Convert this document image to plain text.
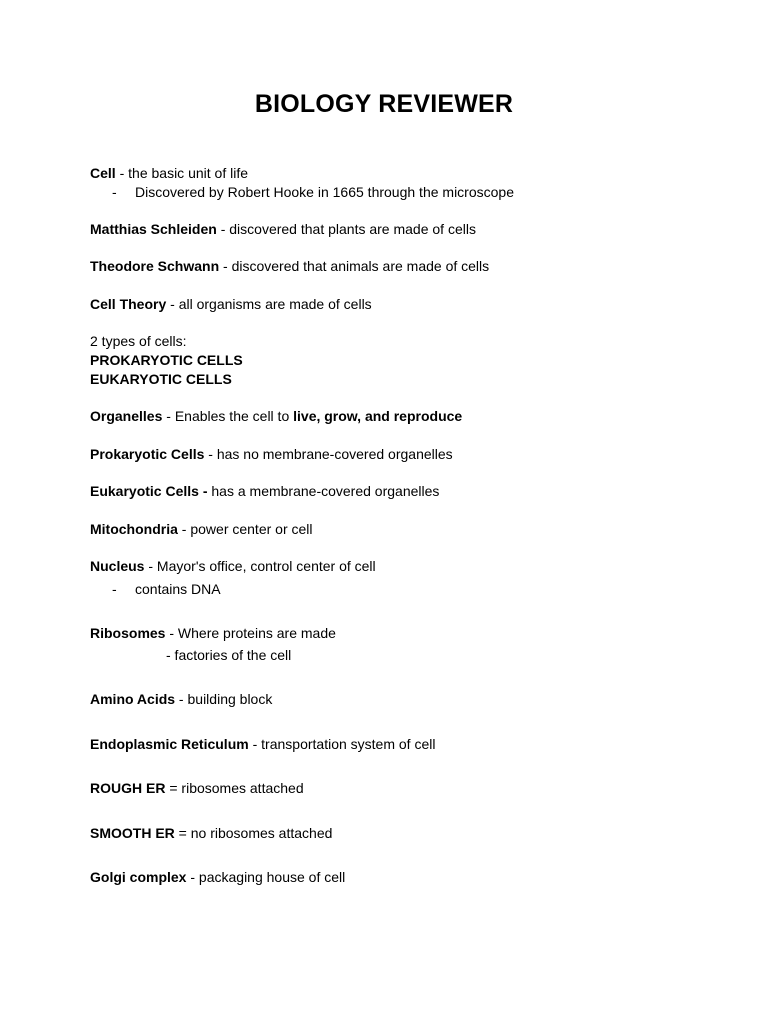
BIOLOGY REVIEWER
Cell - the basic unit of life
- Discovered by Robert Hooke in 1665 through the microscope
Matthias Schleiden - discovered that plants are made of cells
Theodore Schwann - discovered that animals are made of cells
Cell Theory - all organisms are made of cells
2 types of cells:
PROKARYOTIC CELLS
EUKARYOTIC CELLS
Organelles - Enables the cell to live, grow, and reproduce
Prokaryotic Cells - has no membrane-covered organelles
Eukaryotic Cells - has a membrane-covered organelles
Mitochondria - power center or cell
Nucleus - Mayor's office, control center of cell
- contains DNA
Ribosomes - Where proteins are made
- factories of the cell
Amino Acids - building block
Endoplasmic Reticulum - transportation system of cell
ROUGH ER = ribosomes attached
SMOOTH ER = no ribosomes attached
Golgi complex - packaging house of cell
